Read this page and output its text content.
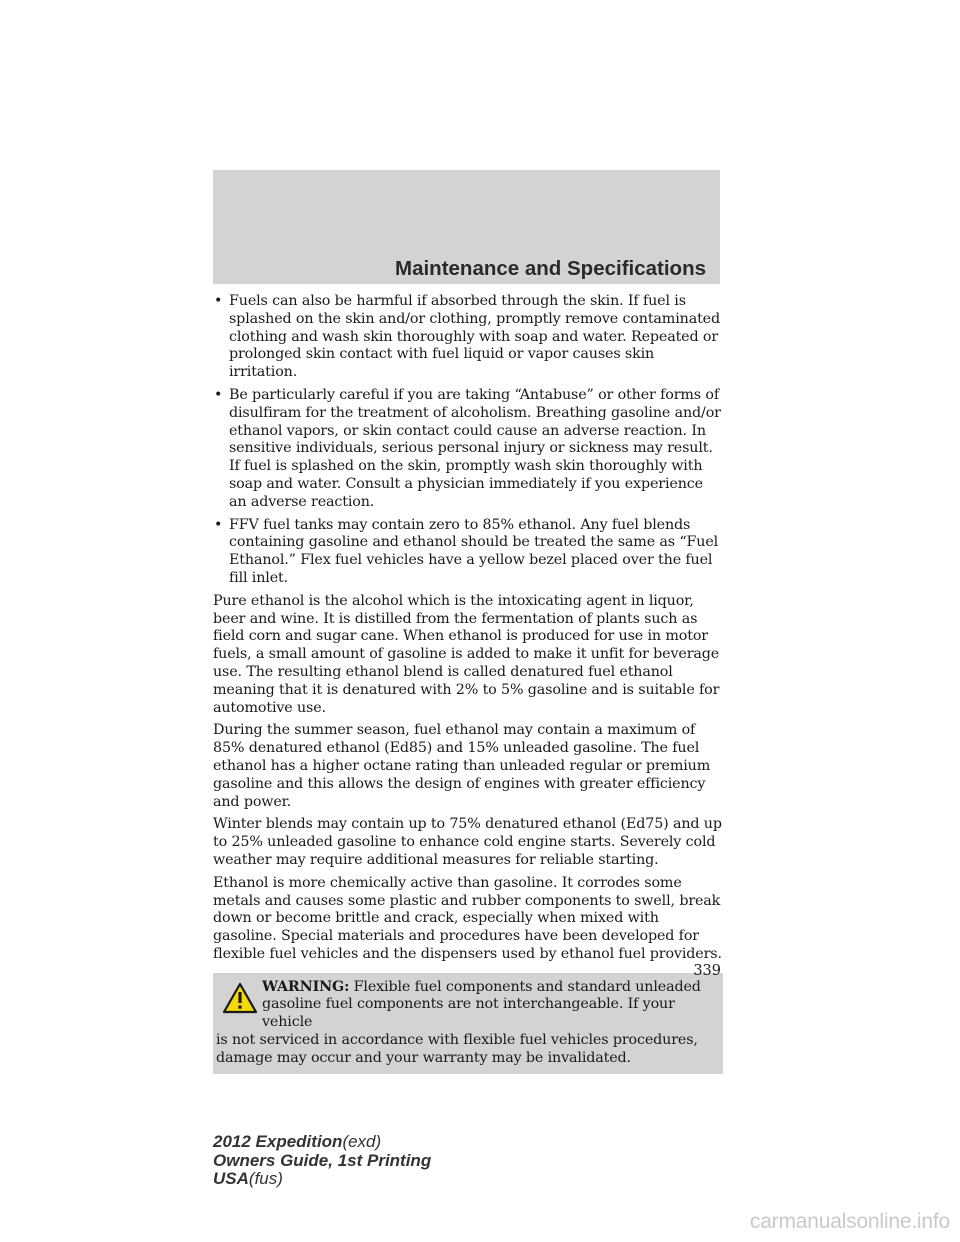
Maintenance and Specifications
• Fuels can also be harmful if absorbed through the skin. If fuel is splashed on the skin and/or clothing, promptly remove contaminated clothing and wash skin thoroughly with soap and water. Repeated or prolonged skin contact with fuel liquid or vapor causes skin irritation.
• Be particularly careful if you are taking “Antabuse” or other forms of disulfiram for the treatment of alcoholism. Breathing gasoline and/or ethanol vapors, or skin contact could cause an adverse reaction. In sensitive individuals, serious personal injury or sickness may result. If fuel is splashed on the skin, promptly wash skin thoroughly with soap and water. Consult a physician immediately if you experience an adverse reaction.
• FFV fuel tanks may contain zero to 85% ethanol. Any fuel blends containing gasoline and ethanol should be treated the same as “Fuel Ethanol.” Flex fuel vehicles have a yellow bezel placed over the fuel fill inlet.

Pure ethanol is the alcohol which is the intoxicating agent in liquor, beer and wine. It is distilled from the fermentation of plants such as field corn and sugar cane. When ethanol is produced for use in motor fuels, a small amount of gasoline is added to make it unfit for beverage use. The resulting ethanol blend is called denatured fuel ethanol meaning that it is denatured with 2% to 5% gasoline and is suitable for automotive use.

During the summer season, fuel ethanol may contain a maximum of 85% denatured ethanol (Ed85) and 15% unleaded gasoline. The fuel ethanol has a higher octane rating than unleaded regular or premium gasoline and this allows the design of engines with greater efficiency and power.

Winter blends may contain up to 75% denatured ethanol (Ed75) and up to 25% unleaded gasoline to enhance cold engine starts. Severely cold weather may require additional measures for reliable starting.

Ethanol is more chemically active than gasoline. It corrodes some metals and causes some plastic and rubber components to swell, break down or become brittle and crack, especially when mixed with gasoline. Special materials and procedures have been developed for flexible fuel vehicles and the dispensers used by ethanol fuel providers.

WARNING: Flexible fuel components and standard unleaded
gasoline fuel components are not interchangeable. If your vehicle
is not serviced in accordance with flexible fuel vehicles procedures, damage may occur and your warranty may be invalidated.
339
2012 Expedition(exd)
Owners Guide, 1st Printing
USA(fus)
carmanualsonline.info
